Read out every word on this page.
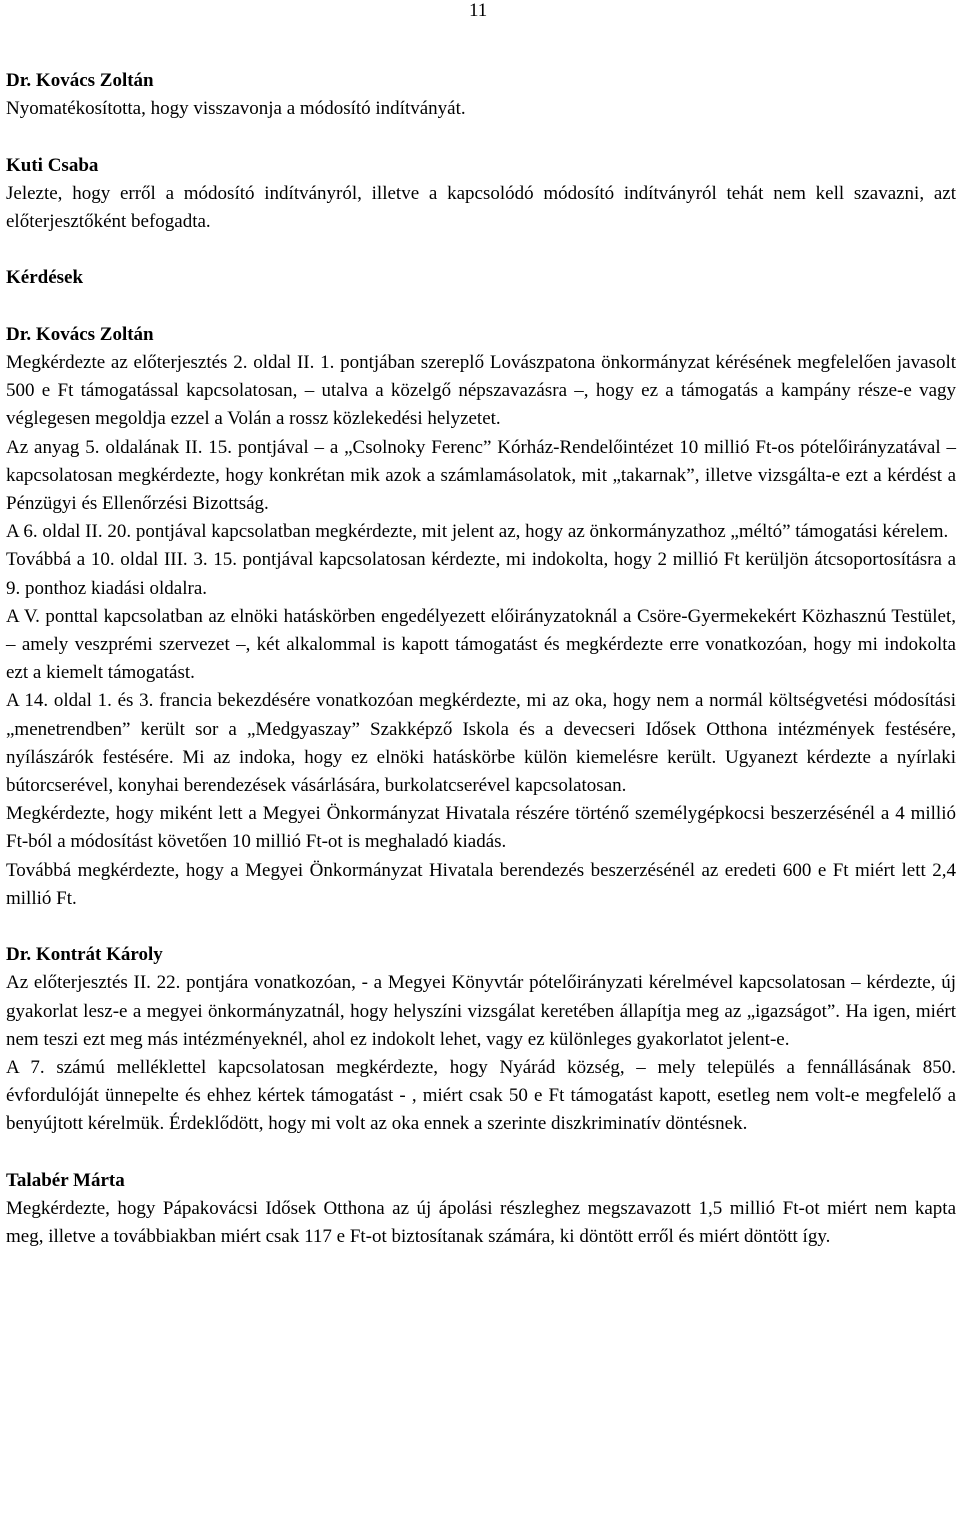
11
Dr. Kovács Zoltán
Nyomatékosította, hogy visszavonja a módosító indítványát.
Kuti Csaba
Jelezte, hogy erről a módosító indítványról, illetve a kapcsolódó módosító indítványról tehát nem kell szavazni, azt előterjesztőként befogadta.
Kérdések
Dr. Kovács Zoltán
Megkérdezte az előterjesztés 2. oldal II. 1. pontjában szereplő Lovászpatona önkormányzat kérésének megfelelően javasolt 500 e Ft támogatással kapcsolatosan, – utalva a közelgő népszavazásra –, hogy ez a támogatás a kampány része-e vagy véglegesen megoldja ezzel a Volán a rossz közlekedési helyzetet.
Az anyag 5. oldalának II. 15. pontjával – a „Csolnoky Ferenc” Kórház-Rendelőintézet 10 millió Ft-os pótelőirányzatával – kapcsolatosan megkérdezte, hogy konkrétan mik azok a számlamásolatok, mit „takarnak”, illetve vizsgálta-e ezt a kérdést a Pénzügyi és Ellenőrzési Bizottság.
A 6. oldal II. 20. pontjával kapcsolatban megkérdezte, mit jelent az, hogy az önkormányzathoz „méltó” támogatási kérelem.
Továbbá a 10. oldal III. 3. 15. pontjával kapcsolatosan kérdezte, mi indokolta, hogy 2 millió Ft kerüljön átcsoportosításra a 9. ponthoz kiadási oldalra.
A V. ponttal kapcsolatban az elnöki hatáskörben engedélyezett előirányzatoknál a Csöre-Gyermekekért Közhasznú Testület, – amely veszprémi szervezet –, két alkalommal is kapott támogatást és megkérdezte erre vonatkozóan, hogy mi indokolta ezt a kiemelt támogatást.
A 14. oldal 1. és 3. francia bekezdésére vonatkozóan megkérdezte, mi az oka, hogy nem a normál költségvetési módosítási „menetrendben” került sor a „Medgyaszay” Szakképző Iskola és a devecseri Idősek Otthona intézmények festésére, nyílászárók festésére. Mi az indoka, hogy ez elnöki hatáskörbe külön kiemelésre került. Ugyanezt kérdezte a nyírlaki bútorcserével, konyhai berendezések vásárlására, burkolatcserével kapcsolatosan.
Megkérdezte, hogy miként lett a Megyei Önkormányzat Hivatala részére történő személygépkocsi beszerzésénél a 4 millió Ft-ból a módosítást követően 10 millió Ft-ot is meghaladó kiadás.
Továbbá megkérdezte, hogy a Megyei Önkormányzat Hivatala berendezés beszerzésénél az eredeti 600 e Ft miért lett 2,4 millió Ft.
Dr. Kontrát Károly
Az előterjesztés II. 22. pontjára vonatkozóan, - a Megyei Könyvtár pótelőirányzati kérelmével kapcsolatosan – kérdezte, új gyakorlat lesz-e a megyei önkormányzatnál, hogy helyszíni vizsgálat keretében állapítja meg az „igazságot”. Ha igen, miért nem teszi ezt meg más intézményeknél, ahol ez indokolt lehet, vagy ez különleges gyakorlatot jelent-e.
A 7. számú melléklettel kapcsolatosan megkérdezte, hogy Nyárád község, – mely település a fennállásának 850. évfordulóját ünnepelte és ehhez kértek támogatást - , miért csak 50 e Ft támogatást kapott, esetleg nem volt-e megfelelő a benyújtott kérelmük. Érdeklődött, hogy mi volt az oka ennek a szerinte diszkriminatív döntésnek.
Talabér Márta
Megkérdezte, hogy Pápakovácsi Idősek Otthona az új ápolási részleghez megszavazott 1,5 millió Ft-ot miért nem kapta meg, illetve a továbbiakban miért csak 117 e Ft-ot biztosítanak számára, ki döntött erről és miért döntött így.
